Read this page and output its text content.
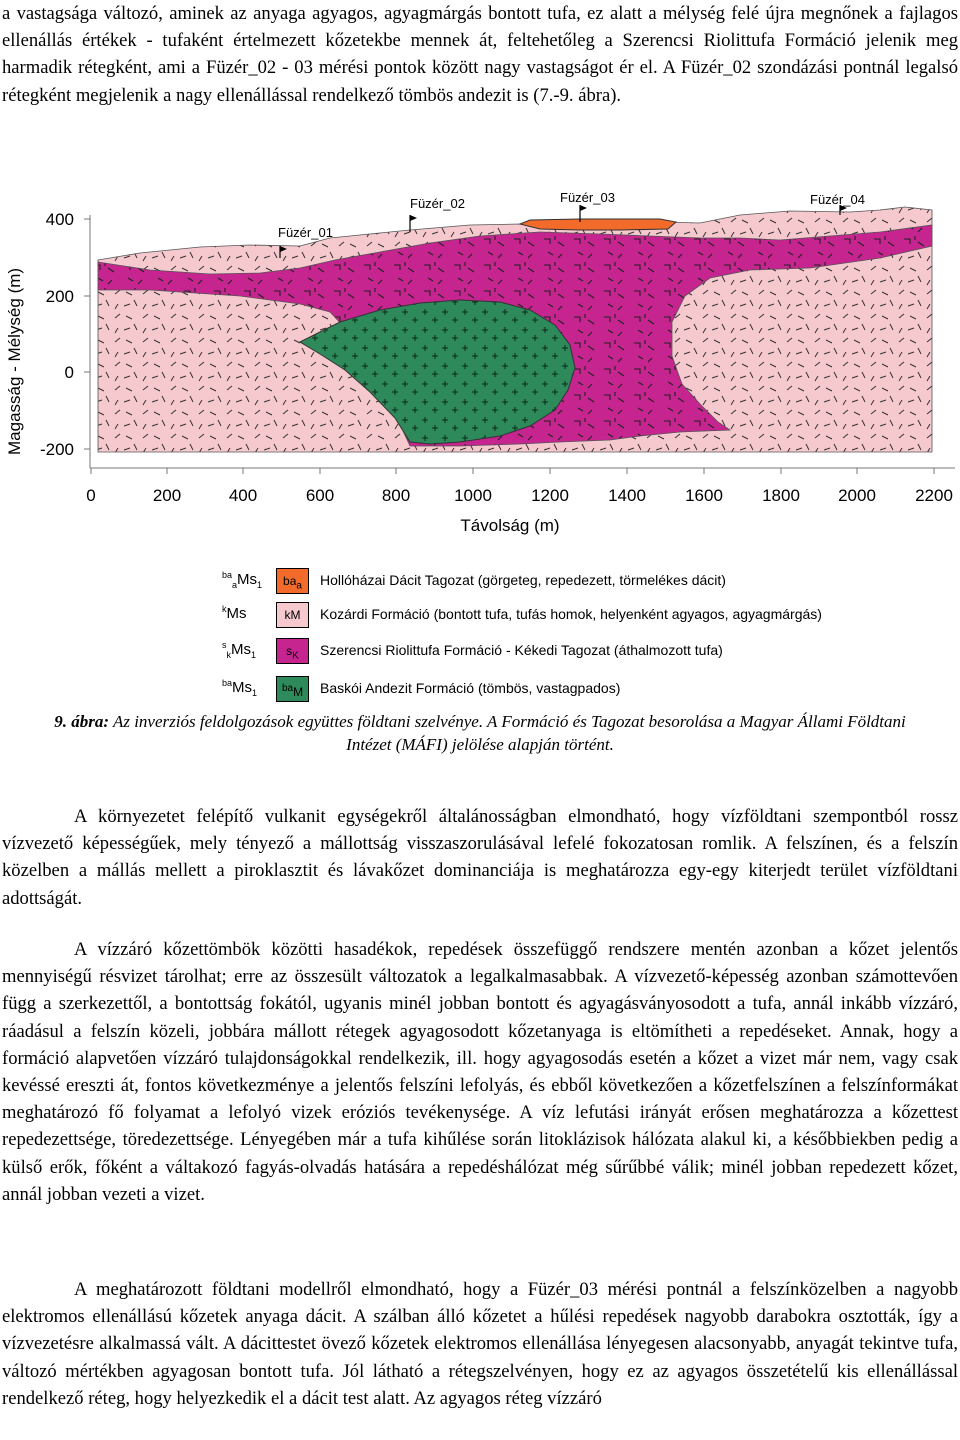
a vastagsága változó, aminek az anyaga agyagos, agyagmárgás bontott tufa, ez alatt a mélység felé újra megnőnek a fajlagos ellenállás értékek - tufaként értelmezett kőzetekbe mennek át, feltehetőleg a Szerencsi Riolittufa Formáció jelenik meg harmadik rétegként, ami a Füzér_02 - 03 mérési pontok között nagy vastagságot ér el. A Füzér_02 szondázási pontnál legalsó rétegként megjelenik a nagy ellenállással rendelkező tömbös andezit is (7.-9. ábra).

Magasság - Mélység (m)
400
200
0
-200
0	200	400	600	800	1000 1200 1400 1600 1800 2000 2200
Távolság (m)
Füzér_01
Füzér_02	Füzér_03	Füzér_04
$^{ba}_aMs_1$	$ba_a$	Hollóházai Dácit Tagozat (görgeteg, repedezett, törmelékes dácit)
$^k$Ms	kM	Kozárdi Formáció (bontott tufa, tufás homok, helyenként agyagos, agyagmárgás)
$^s_kMs_1$	$s_K$	Szerencsi Riolittufa Formáció - Kékedi Tagozat (áthalmozott tufa)
$^{ba}Ms_1$	$^{ba}$M	Baskói Andezit Formáció (tömbös, vastagpados)
9. ábra: Az inverziós feldolgozások együttes földtani szelvénye. A Formáció és Tagozat besorolása a Magyar Állami Földtani Intézet (MÁFI) jelölése alapján történt.

A környezetet felépítő vulkanit egységekről általánosságban elmondható, hogy vízföldtani szempontból rossz vízvezető képességűek, mely tényező a mállottság visszaszorulásával lefelé fokozatosan romlik. A felszínen, és a felszín közelben a mállás mellett a piroklasztit és lávakőzet dominanciája is meghatározza egy-egy kiterjedt terület vízföldtani adottságát.

A vízzáró kőzettömbök közötti hasadékok, repedések összefüggő rendszere mentén azonban a kőzet jelentős mennyiségű résvizet tárolhat; erre az összesült változatok a legalkalmasabbak. A vízvezető-képesség azonban számottevően függ a szerkezettől, a bontottság fokától, ugyanis minél jobban bontott és agyagásványosodott a tufa, annál inkább vízzáró, ráadásul a felszín közeli, jobbára mállott rétegek agyagosodott kőzetanyaga is eltömítheti a repedéseket. Annak, hogy a formáció alapvetően vízzáró tulajdonságokkal rendelkezik, ill. hogy agyagosodás esetén a kőzet a vizet már nem, vagy csak kevéssé ereszti át, fontos következménye a jelentős felszíni lefolyás, és ebből következően a kőzetfelszínen a felszínformákat meghatározó fő folyamat a lefolyó vizek eróziós tevékenysége. A víz lefutási irányát erősen meghatározza a kőzettest repedezettsége, töredezettsége. Lényegében már a tufa kihűlése során litoklázisok hálózata alakul ki, a későbbiekben pedig a külső erők, főként a váltakozó fagyás-olvadás hatására a repedéshálózat még sűrűbbé válik; minél jobban repedezett kőzet, annál jobban vezeti a vizet.

A meghatározott földtani modellről elmondható, hogy a Füzér_03 mérési pontnál a felszínközelben a nagyobb elektromos ellenállású kőzetek anyaga dácit. A szálban álló kőzetet a hűlési repedések nagyobb darabokra osztották, így a vízvezetésre alkalmassá vált. A dácittestet övező kőzetek elektromos ellenállása lényegesen alacsonyabb, anyagát tekintve tufa, változó mértékben agyagosan bontott tufa. Jól látható a rétegszelvényen, hogy ez az agyagos összetételű kis ellenállással rendelkező réteg, hogy helyezkedik el a dácit test alatt. Az agyagos réteg vízzáró
